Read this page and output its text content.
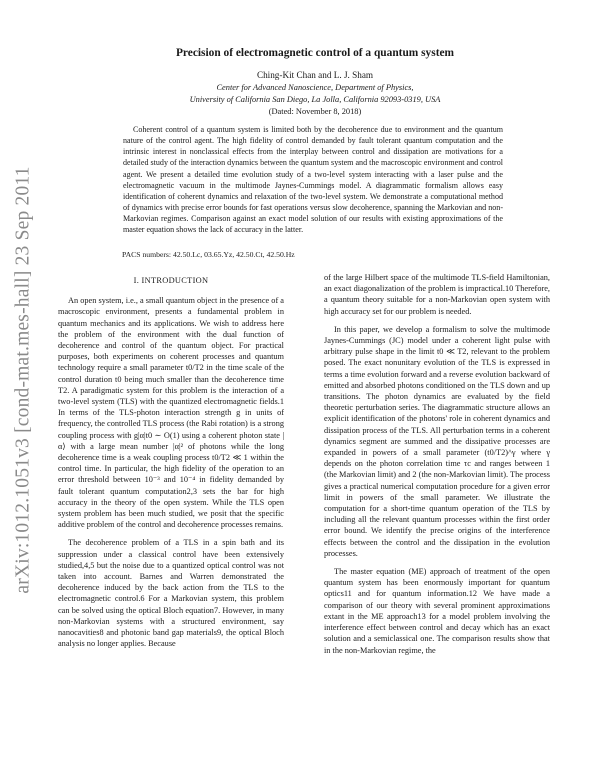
arXiv:1012.1051v3 [cond-mat.mes-hall] 23 Sep 2011
Precision of electromagnetic control of a quantum system
Ching-Kit Chan and L. J. Sham
Center for Advanced Nanoscience, Department of Physics,
University of California San Diego, La Jolla, California 92093-0319, USA
(Dated: November 8, 2018)

Coherent control of a quantum system is limited both by the decoherence due to environment and the quantum nature of the control agent. The high fidelity of control demanded by fault tolerant quantum computation and the intrinsic interest in nonclassical effects from the interplay between control and dissipation are motivations for a detailed study of the interaction dynamics between the quantum system and the macroscopic environment and control agent. We present a detailed time evolution study of a two-level system interacting with a laser pulse and the electromagnetic vacuum in the multimode Jaynes-Cummings model. A diagrammatic formalism allows easy identification of coherent dynamics and relaxation of the two-level system. We demonstrate a computational method of dynamics with precise error bounds for fast operations versus slow decoherence, spanning the Markovian and non-Markovian regimes. Comparison against an exact model solution of our results with existing approximations of the master equation shows the lack of accuracy in the latter.

PACS numbers: 42.50.Lc, 03.65.Yz, 42.50.Ct, 42.50.Hz
I. INTRODUCTION

An open system, i.e., a small quantum object in the presence of a macroscopic environment, presents a fundamental problem in quantum mechanics and its applications. We wish to address here the problem of the environment with the dual function of decoherence and control of the quantum object. For practical purposes, both experiments on coherent processes and quantum technology require a small parameter t0/T2 in the time scale of the control duration t0 being much smaller than the decoherence time T2. A paradigmatic system for this problem is the interaction of a two-level system (TLS) with the quantized electromagnetic fields.1 In terms of the TLS-photon interaction strength g in units of frequency, the controlled TLS process (the Rabi rotation) is a strong coupling process with g|α|t0 ∼ O(1) using a coherent photon state |α⟩ with a large mean number |α|² of photons while the long decoherence time is a weak coupling process t0/T2 ≪ 1 within the control time. In particular, the high fidelity of the operation to an error threshold between 10⁻³ and 10⁻⁴ in fidelity demanded by fault tolerant quantum computation2,3 sets the bar for high accuracy in the theory of the open system. While the TLS open system problem has been much studied, we posit that the specific additive problem of the control and decoherence processes remains.

The decoherence problem of a TLS in a spin bath and its suppression under a classical control have been extensively studied,4,5 but the noise due to a quantized optical control was not taken into account. Barnes and Warren demonstrated the decoherence induced by the back action from the TLS to the electromagnetic control.6 For a Markovian system, this problem can be solved using the optical Bloch equation7. However, in many non-Markovian systems with a structured environment, say nanocavities8 and photonic band gap materials9, the optical Bloch analysis no longer applies. Because

of the large Hilbert space of the multimode TLS-field Hamiltonian, an exact diagonalization of the problem is impractical.10 Therefore, a quantum theory suitable for a non-Markovian open system with high accuracy set for our problem is needed.

In this paper, we develop a formalism to solve the multimode Jaynes-Cummings (JC) model under a coherent light pulse with arbitrary pulse shape in the limit t0 ≪ T2, relevant to the problem posed. The exact nonunitary evolution of the TLS is expressed in terms a time evolution forward and a reverse evolution backward of emitted and absorbed photons conditioned on the TLS down and up transitions. The photon dynamics are evaluated by the field theoretic perturbation series. The diagrammatic structure allows an explicit identification of the photons' role in coherent dynamics and dissipation process of the TLS. All perturbation terms in a coherent dynamics segment are summed and the dissipative processes are expanded in powers of a small parameter (t0/T2)^γ where γ depends on the photon correlation time τc and ranges between 1 (the Markovian limit) and 2 (the non-Markovian limit). The process gives a practical numerical computation procedure for a given error limit in powers of the small parameter. We illustrate the computation for a short-time quantum operation of the TLS by including all the relevant quantum processes within the first order error bound. We identify the precise origins of the interference effects between the control and the dissipation in the evolution processes.

The master equation (ME) approach of treatment of the open quantum system has been enormously important for quantum optics11 and for quantum information.12 We have made a comparison of our theory with several prominent approximations extant in the ME approach13 for a model problem involving the interference effect between control and decay which has an exact solution and a semiclassical one. The comparison results show that in the non-Markovian regime, the
